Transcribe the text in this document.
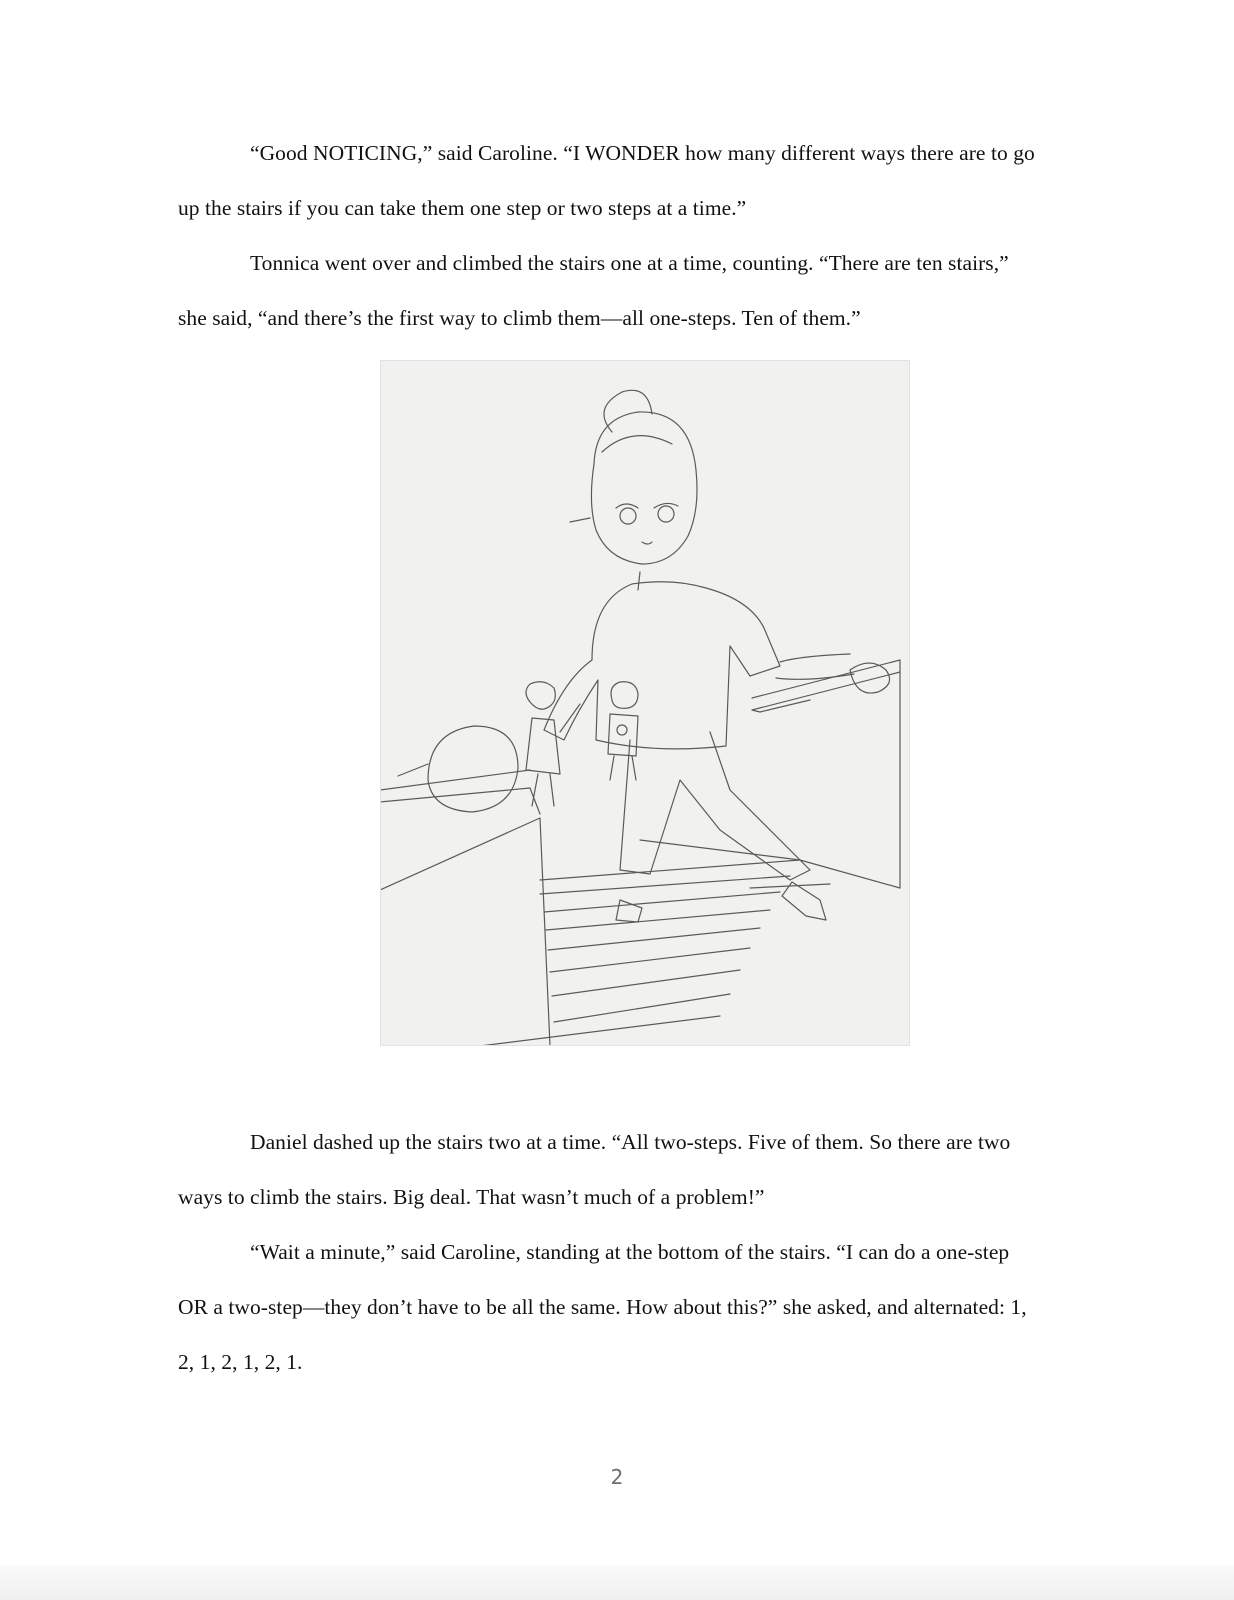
“Good NOTICING,” said Caroline. “I WONDER how many different ways there are to go up the stairs if you can take them one step or two steps at a time.”

Tonnica went over and climbed the stairs one at a time, counting. “There are ten stairs,” she said, “and there’s the first way to climb them—all one-steps. Ten of them.”

Daniel dashed up the stairs two at a time. “All two-steps. Five of them. So there are two ways to climb the stairs. Big deal. That wasn’t much of a problem!”

“Wait a minute,” said Caroline, standing at the bottom of the stairs. “I can do a one-step OR a two-step—they don’t have to be all the same. How about this?” she asked, and alternated: 1, 2, 1, 2, 1, 2, 1.

2
